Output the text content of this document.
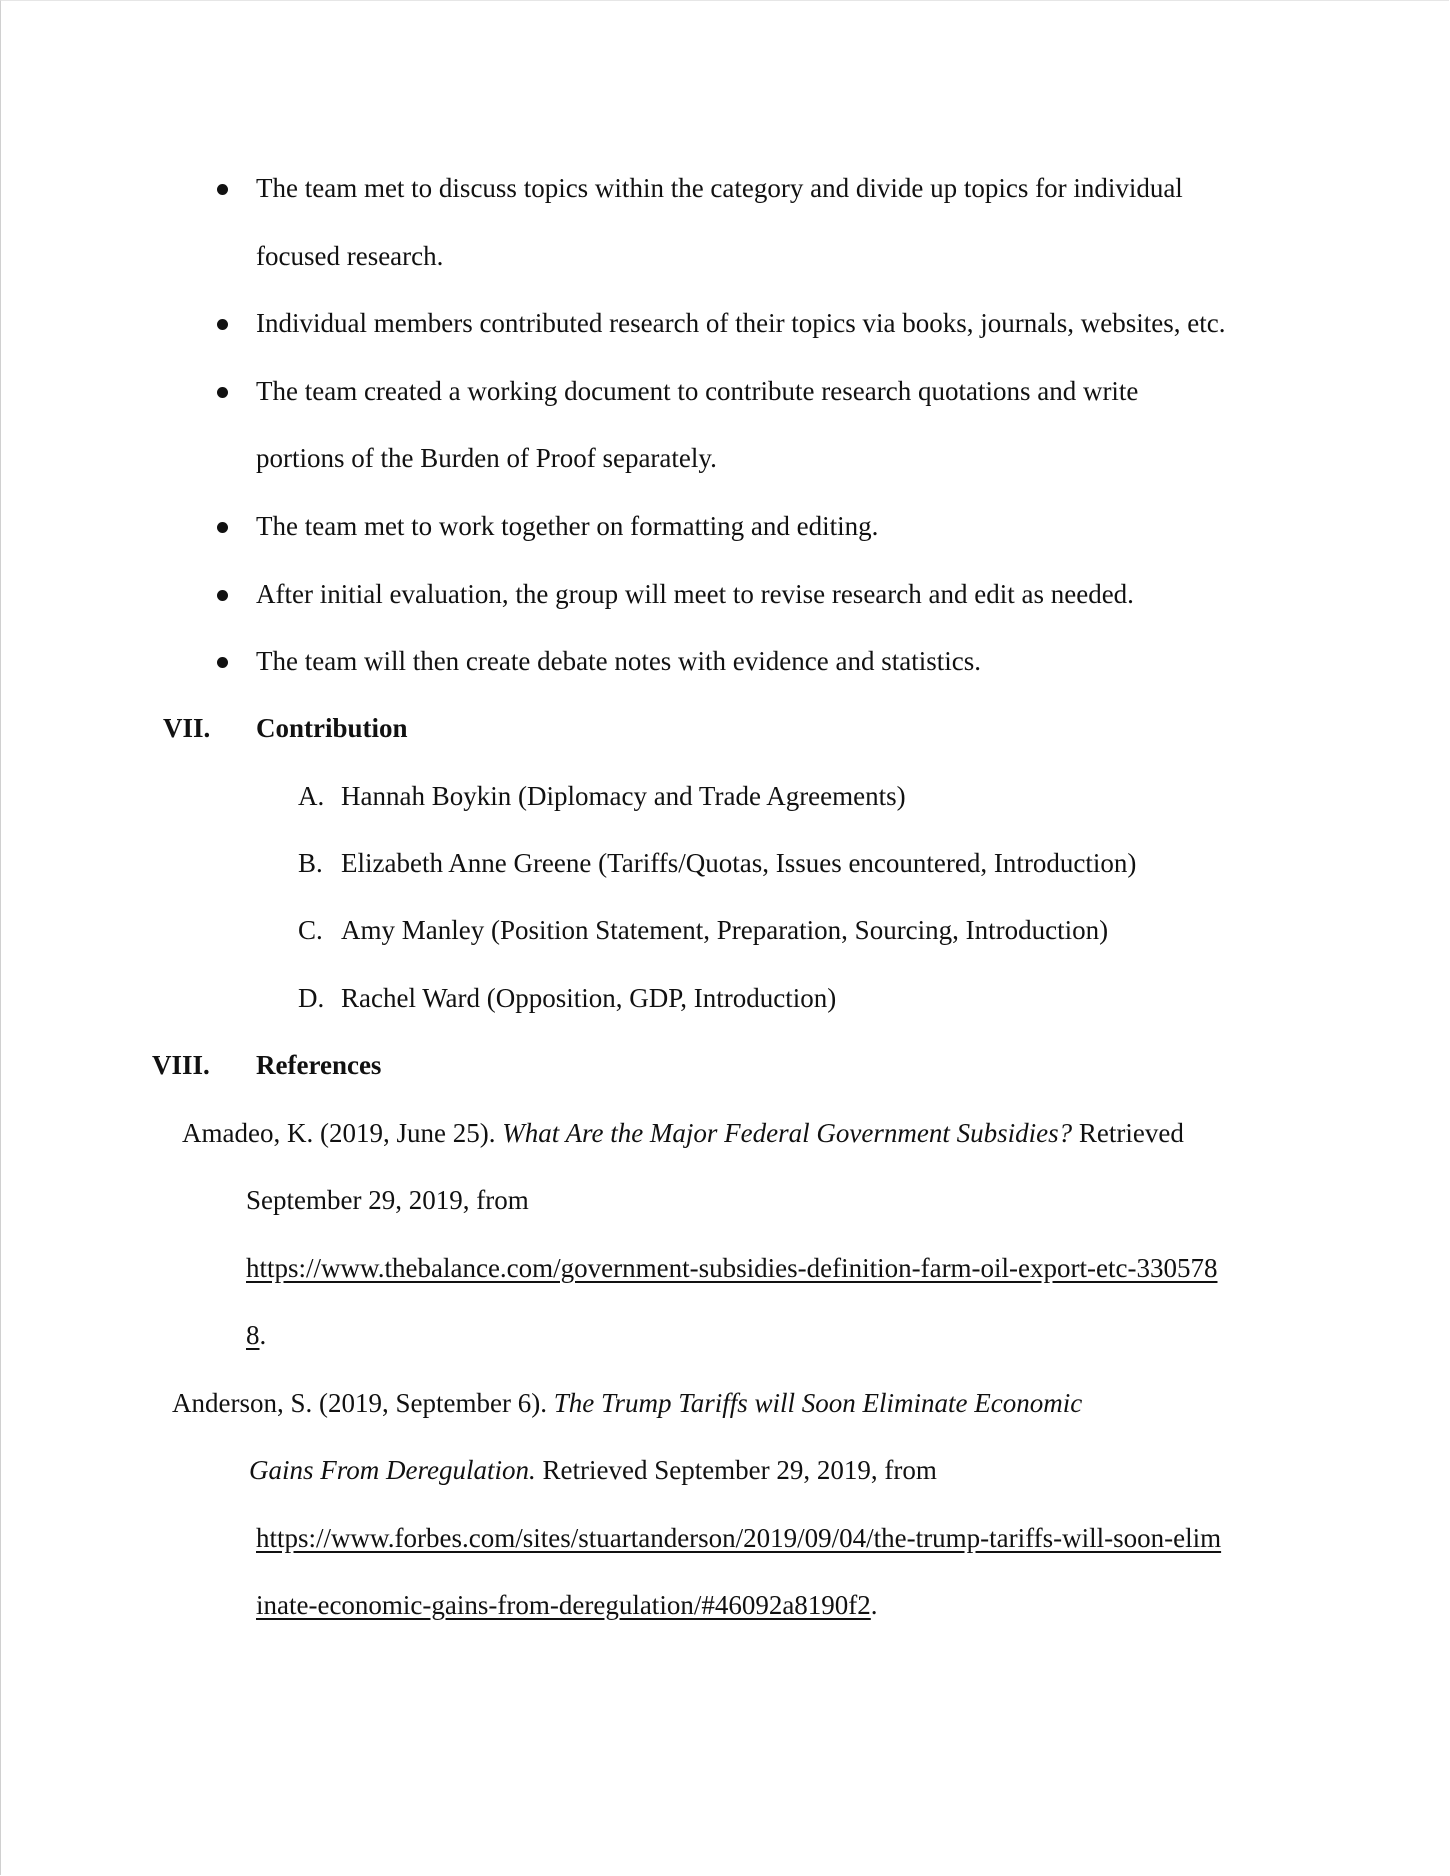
The team met to discuss topics within the category and divide up topics for individual
focused research.
Individual members contributed research of their topics via books, journals, websites, etc.
The team created a working document to contribute research quotations and write
portions of the Burden of Proof separately.
The team met to work together on formatting and editing.
After initial evaluation, the group will meet to revise research and edit as needed.
The team will then create debate notes with evidence and statistics.
VII. Contribution
A. Hannah Boykin (Diplomacy and Trade Agreements)
B. Elizabeth Anne Greene (Tariffs/Quotas, Issues encountered, Introduction)
C. Amy Manley (Position Statement, Preparation, Sourcing, Introduction)
D. Rachel Ward (Opposition, GDP, Introduction)
VIII. References
Amadeo, K. (2019, June 25). What Are the Major Federal Government Subsidies? Retrieved
September 29, 2019, from
https://www.thebalance.com/government-subsidies-definition-farm-oil-export-etc-330578
8.
Anderson, S. (2019, September 6). The Trump Tariffs will Soon Eliminate Economic
Gains From Deregulation. Retrieved September 29, 2019, from
https://www.forbes.com/sites/stuartanderson/2019/09/04/the-trump-tariffs-will-soon-elim
inate-economic-gains-from-deregulation/#46092a8190f2.
